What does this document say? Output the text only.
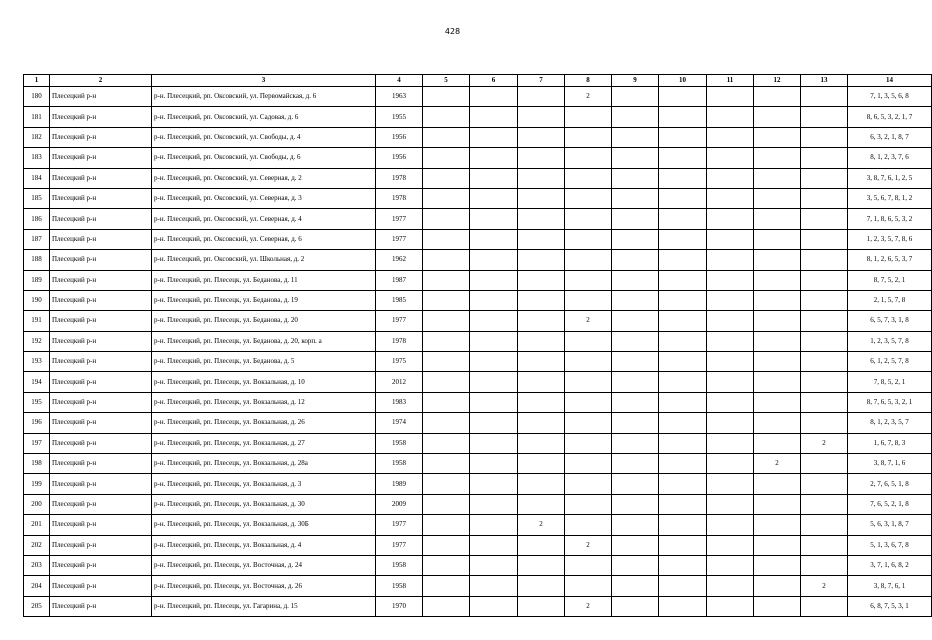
428
1	2	3	4	5	6	7	8	9	10	11	12	13	14
180	Плесецкий р-н	р-н. Плесецкий, рп. Оксовский, ул. Первомайская, д. 6	1963				2						7, 1, 3, 5, 6, 8
181	Плесецкий р-н	р-н. Плесецкий, рп. Оксовский, ул. Садовая, д. 6	1955										8, 6, 5, 3, 2, 1, 7
182	Плесецкий р-н	р-н. Плесецкий, рп. Оксовский, ул. Свободы, д. 4	1956										6, 3, 2, 1, 8, 7
183	Плесецкий р-н	р-н. Плесецкий, рп. Оксовский, ул. Свободы, д. 6	1956										8, 1, 2, 3, 7, 6
184	Плесецкий р-н	р-н. Плесецкий, рп. Оксовский, ул. Северная, д. 2	1978										3, 8, 7, 6, 1, 2, 5
185	Плесецкий р-н	р-н. Плесецкий, рп. Оксовский, ул. Северная, д. 3	1978										3, 5, 6, 7, 8, 1, 2
186	Плесецкий р-н	р-н. Плесецкий, рп. Оксовский, ул. Северная, д. 4	1977										7, 1, 8, 6, 5, 3, 2
187	Плесецкий р-н	р-н. Плесецкий, рп. Оксовский, ул. Северная, д. 6	1977										1, 2, 3, 5, 7, 8, 6
188	Плесецкий р-н	р-н. Плесецкий, рп. Оксовский, ул. Школьная, д. 2	1962										8, 1, 2, 6, 5, 3, 7
189	Плесецкий р-н	р-н. Плесецкий, рп. Плесецк, ул. Беданова, д. 11	1987										8, 7, 5, 2, 1
190	Плесецкий р-н	р-н. Плесецкий, рп. Плесецк, ул. Беданова, д. 19	1985										2, 1, 5, 7, 8
191	Плесецкий р-н	р-н. Плесецкий, рп. Плесецк, ул. Беданова, д. 20	1977				2						6, 5, 7, 3, 1, 8
192	Плесецкий р-н	р-н. Плесецкий, рп. Плесецк, ул. Беданова, д. 20, корп. а	1978										1, 2, 3, 5, 7, 8
193	Плесецкий р-н	р-н. Плесецкий, рп. Плесецк, ул. Беданова, д. 5	1975										6, 1, 2, 5, 7, 8
194	Плесецкий р-н	р-н. Плесецкий, рп. Плесецк, ул. Вокзальная, д. 10	2012										7, 8, 5, 2, 1
195	Плесецкий р-н	р-н. Плесецкий, рп. Плесецк, ул. Вокзальная, д. 12	1983										8, 7, 6, 5, 3, 2, 1
196	Плесецкий р-н	р-н. Плесецкий, рп. Плесецк, ул. Вокзальная, д. 26	1974										8, 1, 2, 3, 5, 7
197	Плесецкий р-н	р-н. Плесецкий, рп. Плесецк, ул. Вокзальная, д. 27	1958									2	1, 6, 7, 8, 3
198	Плесецкий р-н	р-н. Плесецкий, рп. Плесецк, ул. Вокзальная, д. 28а	1958								2		3, 8, 7, 1, 6
199	Плесецкий р-н	р-н. Плесецкий, рп. Плесецк, ул. Вокзальная, д. 3	1989										2, 7, 6, 5, 1, 8
200	Плесецкий р-н	р-н. Плесецкий, рп. Плесецк, ул. Вокзальная, д. 30	2009										7, 6, 5, 2, 1, 8
201	Плесецкий р-н	р-н. Плесецкий, рп. Плесецк, ул. Вокзальная, д. 30Б	1977			2							5, 6, 3, 1, 8, 7
202	Плесецкий р-н	р-н. Плесецкий, рп. Плесецк, ул. Вокзальная, д. 4	1977				2						5, 1, 3, 6, 7, 8
203	Плесецкий р-н	р-н. Плесецкий, рп. Плесецк, ул. Восточная, д. 24	1958										3, 7, 1, 6, 8, 2
204	Плесецкий р-н	р-н. Плесецкий, рп. Плесецк, ул. Восточная, д. 26	1958									2	3, 8, 7, 6, 1
205	Плесецкий р-н	р-н. Плесецкий, рп. Плесецк, ул. Гагарина, д. 15	1970				2						6, 8, 7, 5, 3, 1
